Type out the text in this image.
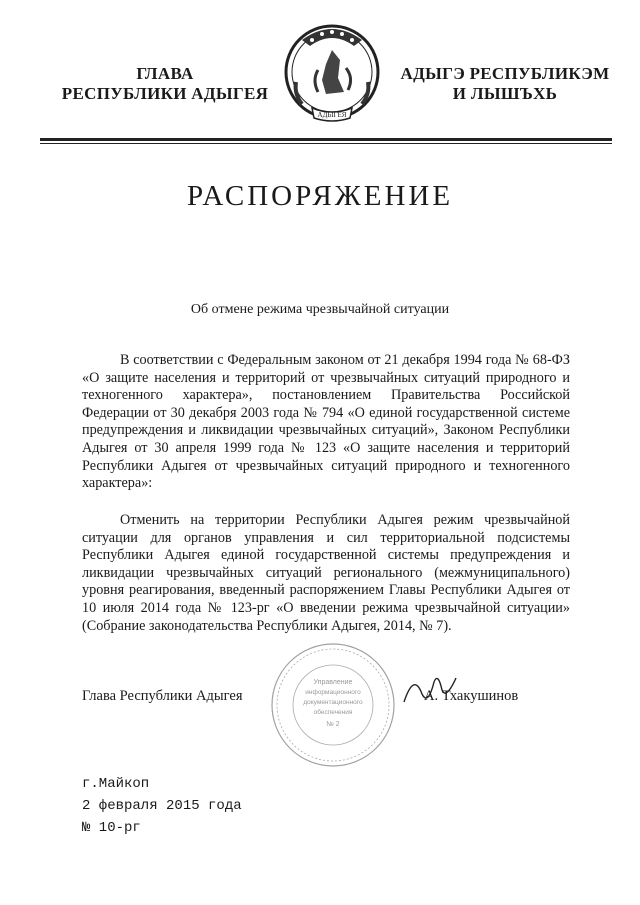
ГЛАВА
РЕСПУБЛИКИ АДЫГЕЯ
АДЫГЕЯ
АДЫГЭ РЕСПУБЛИКЭМ
И ЛЫШЪХЬ
РАСПОРЯЖЕНИЕ
Об отмене режима чрезвычайной ситуации

В соответствии с Федеральным законом от 21 декабря 1994 года № 68-ФЗ «О защите населения и территорий от чрезвычайных ситуаций природного и техногенного характера», постановлением Правительства Российской Федерации от 30 декабря 2003 года № 794 «О единой государственной системе предупреждения и ликвидации чрезвычайных ситуаций», Законом Республики Адыгея от 30 апреля 1999 года № 123 «О защите населения и территорий Республики Адыгея от чрезвычайных ситуаций природного и техногенного характера»:

Отменить на территории Республики Адыгея режим чрезвычайной ситуации для органов управления и сил территориальной подсистемы Республики Адыгея единой государственной системы предупреждения и ликвидации чрезвычайных ситуаций регионального (межмуниципального) уровня реагирования, введенный распоряжением Главы Республики Адыгея от 10 июля 2014 года № 123-рг «О введении режима чрезвычайной ситуации» (Собрание законодательства Республики Адыгея, 2014, № 7).

Управление
информационного
документационного
обеспечения
№ 2
Глава Республики Адыгея	А. Тхакушинов
г.Майкоп
2 февраля 2015 года
№ 10-рг
